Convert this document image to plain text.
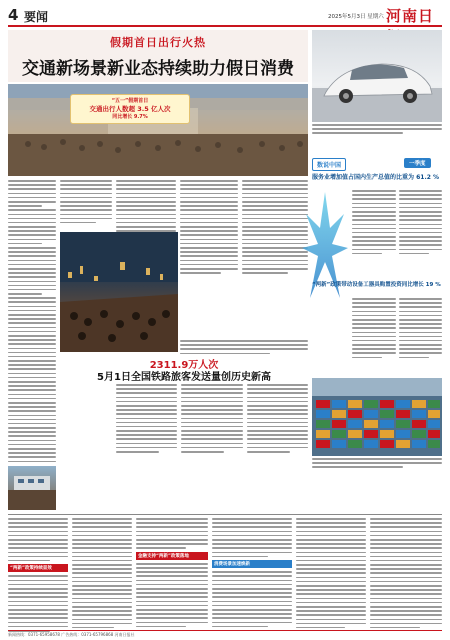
4 要闻	2025年5月3日 星期六 河南日
假期首日出行火热
交通新场景新业态持续助力假日消费
“五一”假期首日
交通出行人数超 3.5 亿人次
同比增长 9.7%
2311.9万人次
5月1日全国铁路旅客发送量创历史新高
数说中国	一季度
服务业增加值占国内生产总值的比重为 61.2 %
“两新”政策带动设备工器具购置投资同比增长 19 %
“两新”政策持续显效
金融支持“两新”政策落地
消费场景加速焕新
新闻热线：0371-65958678 广告热线：0371-65796868 河南日报社
